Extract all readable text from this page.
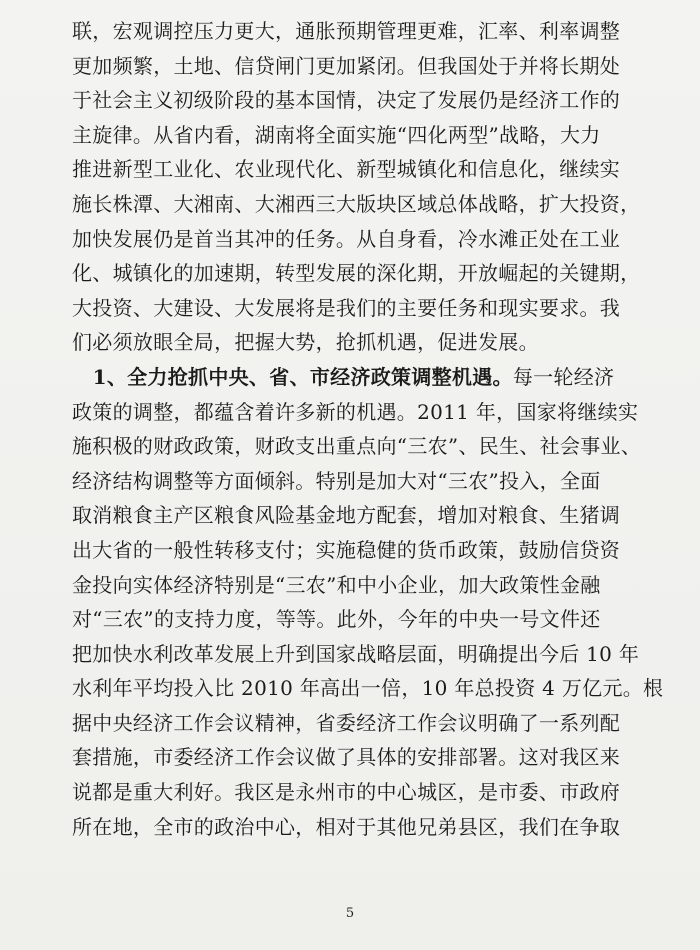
联，宏观调控压力更大，通胀预期管理更难，汇率、利率调整
更加频繁，土地、信贷闸门更加紧闭。但我国处于并将长期处
于社会主义初级阶段的基本国情，决定了发展仍是经济工作的
主旋律。从省内看，湖南将全面实施“四化两型”战略，大力
推进新型工业化、农业现代化、新型城镇化和信息化，继续实
施长株潭、大湘南、大湘西三大版块区域总体战略，扩大投资，
加快发展仍是首当其冲的任务。从自身看，冷水滩正处在工业
化、城镇化的加速期，转型发展的深化期，开放崛起的关键期，
大投资、大建设、大发展将是我们的主要任务和现实要求。我
们必须放眼全局，把握大势，抢抓机遇，促进发展。
  1、全力抢抓中央、省、市经济政策调整机遇。每一轮经济
政策的调整，都蕴含着许多新的机遇。2011 年，国家将继续实
施积极的财政政策，财政支出重点向“三农”、民生、社会事业、
经济结构调整等方面倾斜。特别是加大对“三农”投入，全面
取消粮食主产区粮食风险基金地方配套，增加对粮食、生猪调
出大省的一般性转移支付；实施稳健的货币政策，鼓励信贷资
金投向实体经济特别是“三农”和中小企业，加大政策性金融
对“三农”的支持力度，等等。此外，今年的中央一号文件还
把加快水利改革发展上升到国家战略层面，明确提出今后 10 年
水利年平均投入比 2010 年高出一倍，10 年总投资 4 万亿元。根
据中央经济工作会议精神，省委经济工作会议明确了一系列配
套措施，市委经济工作会议做了具体的安排部署。这对我区来
说都是重大利好。我区是永州市的中心城区，是市委、市政府
所在地，全市的政治中心，相对于其他兄弟县区，我们在争取
5
